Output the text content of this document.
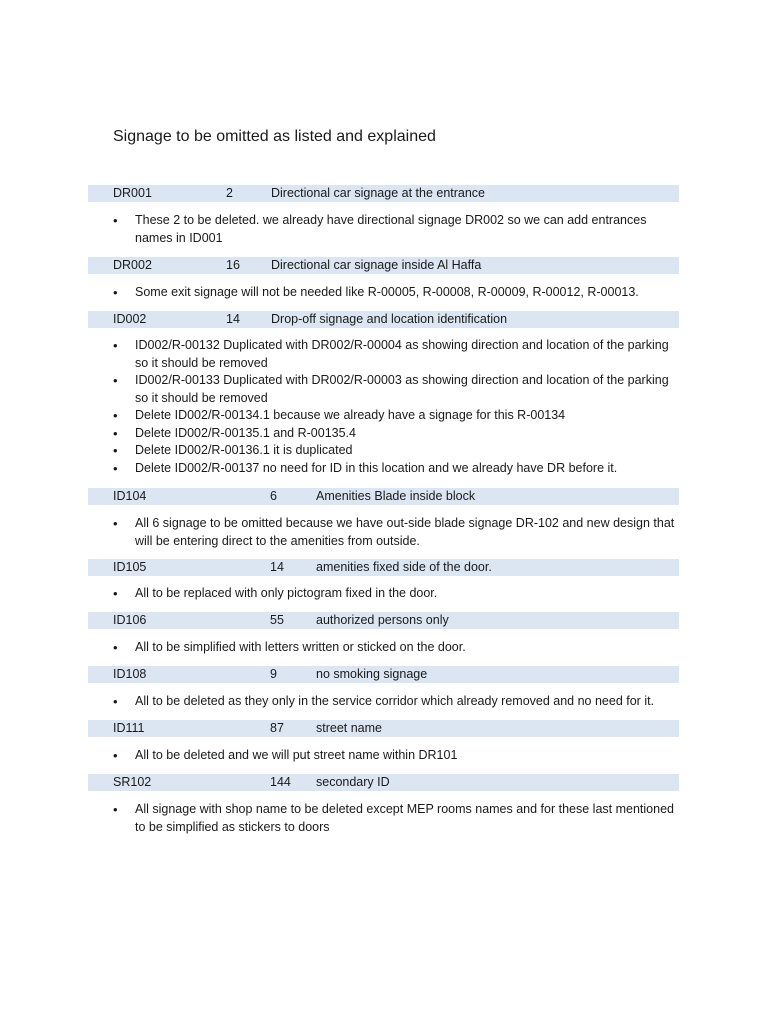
Signage to be omitted as listed and explained
DR001	2	Directional car signage at the entrance
• These 2 to be deleted. we already have directional signage DR002 so we can add entrances names in ID001
DR002	16 Directional car signage inside Al Haffa
• Some exit signage will not be needed like R-00005, R-00008, R-00009, R-00012, R-00013.
ID002	14 Drop-off signage and location identification
• ID002/R-00132 Duplicated with DR002/R-00004 as showing direction and location of the parking so it should be removed
• ID002/R-00133 Duplicated with DR002/R-00003 as showing direction and location of the parking so it should be removed
• Delete ID002/R-00134.1 because we already have a signage for this R-00134
• Delete ID002/R-00135.1 and R-00135.4
• Delete ID002/R-00136.1 it is duplicated
• Delete ID002/R-00137 no need for ID in this location and we already have DR before it.
ID104	6	Amenities Blade inside block
• All 6 signage to be omitted because we have out-side blade signage DR-102 and new design that will be entering direct to the amenities from outside.
ID105	14	amenities fixed side of the door.
• All to be replaced with only pictogram fixed in the door.
ID106	55	authorized persons only
• All to be simplified with letters written or sticked on the door.
ID108	9	no smoking signage
• All to be deleted as they only in the service corridor which already removed and no need for it.
ID111	87	street name
• All to be deleted and we will put street name within DR101
SR102	144 secondary ID
• All signage with shop name to be deleted except MEP rooms names and for these last mentioned to be simplified as stickers to doors
